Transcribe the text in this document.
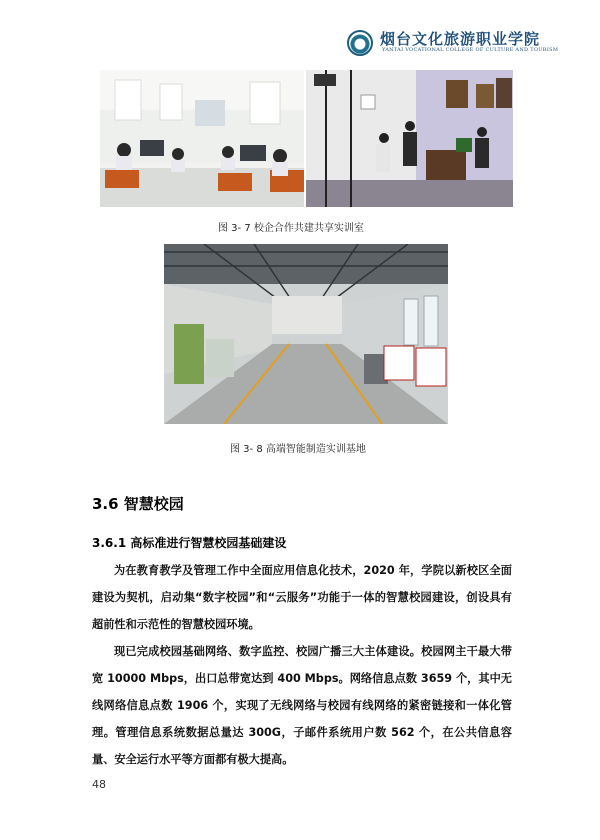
烟台文化旅游职业学院
YANTAI VOCATIONAL COLLEGE OF CULTURE AND TOURISM
图 3- 7 校企合作共建共享实训室
图 3- 8 高端智能制造实训基地
3.6 智慧校园
3.6.1 高标准进行智慧校园基础建设
为在教育教学及管理工作中全面应用信息化技术，2020 年，学院以新校区全面建设为契机，启动集“数字校园”和“云服务”功能于一体的智慧校园建设，创设具有超前性和示范性的智慧校园环境。
现已完成校园基础网络、数字监控、校园广播三大主体建设。校园网主干最大带宽 10000 Mbps，出口总带宽达到 400 Mbps。网络信息点数 3659 个，其中无线网络信息点数 1906 个，实现了无线网络与校园有线网络的紧密链接和一体化管理。管理信息系统数据总量达 300G，子邮件系统用户数 562 个，在公共信息容量、安全运行水平等方面都有极大提高。
48
